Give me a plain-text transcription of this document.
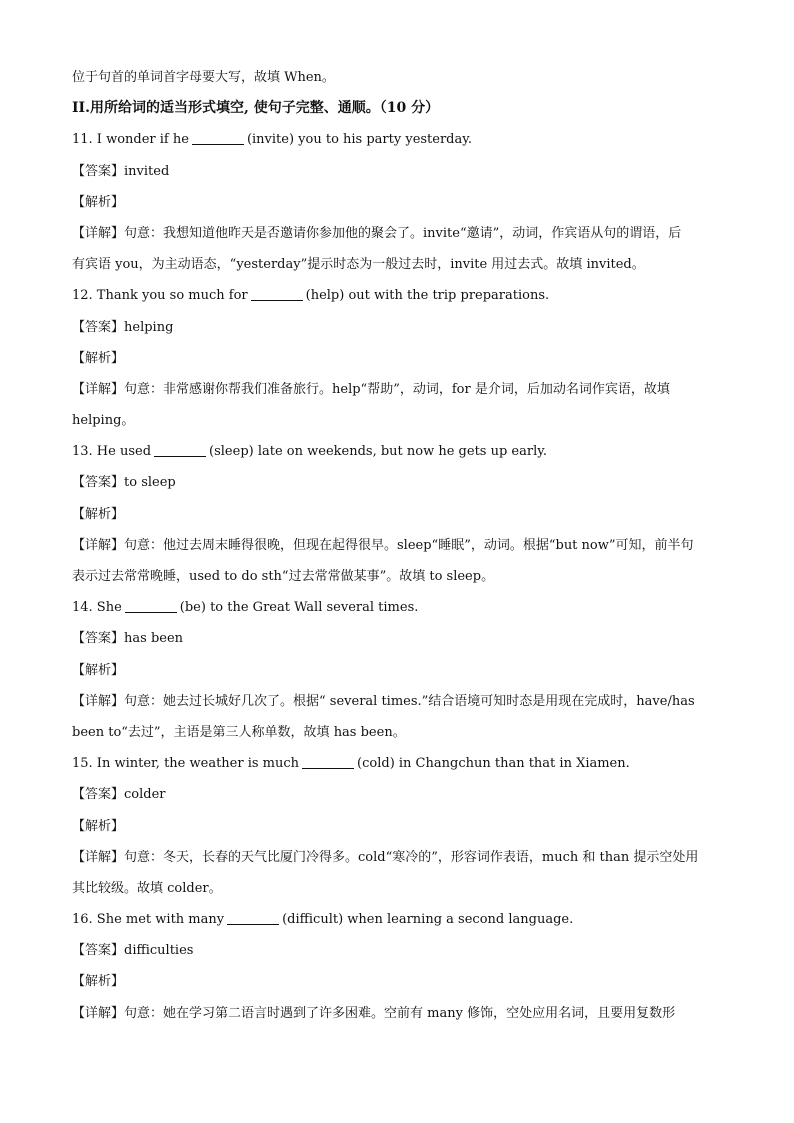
位于句首的单词首字母要大写，故填 When。
II.用所给词的适当形式填空, 使句子完整、通顺。（10 分）
11. I wonder if he	(invite) you to his party yesterday.
【答案】invited
【解析】
【详解】句意：我想知道他昨天是否邀请你参加他的聚会了。invite“邀请”，动词，作宾语从句的谓语，后
有宾语 you，为主动语态，“yesterday”提示时态为一般过去时，invite 用过去式。故填 invited。
12. Thank you so much for	(help) out with the trip preparations.
【答案】helping
【解析】
【详解】句意：非常感谢你帮我们准备旅行。help“帮助”，动词，for 是介词，后加动名词作宾语，故填
helping。
13. He used	(sleep) late on weekends, but now he gets up early.
【答案】to sleep
【解析】
【详解】句意：他过去周末睡得很晚，但现在起得很早。sleep“睡眠”，动词。根据“but now”可知，前半句
表示过去常常晚睡，used to do sth“过去常常做某事”。故填 to sleep。
14. She	(be) to the Great Wall several times.
【答案】has been
【解析】
【详解】句意：她去过长城好几次了。根据“ several times.”结合语境可知时态是用现在完成时，have/has
been to“去过”，主语是第三人称单数，故填 has been。
15. In winter, the weather is much	(cold) in Changchun than that in Xiamen.
【答案】colder
【解析】
【详解】句意：冬天，长春的天气比厦门冷得多。cold“寒冷的”，形容词作表语，much 和 than 提示空处用
其比较级。故填 colder。
16. She met with many	(difficult) when learning a second language.
【答案】difficulties
【解析】
【详解】句意：她在学习第二语言时遇到了许多困难。空前有 many 修饰，空处应用名词，且要用复数形
